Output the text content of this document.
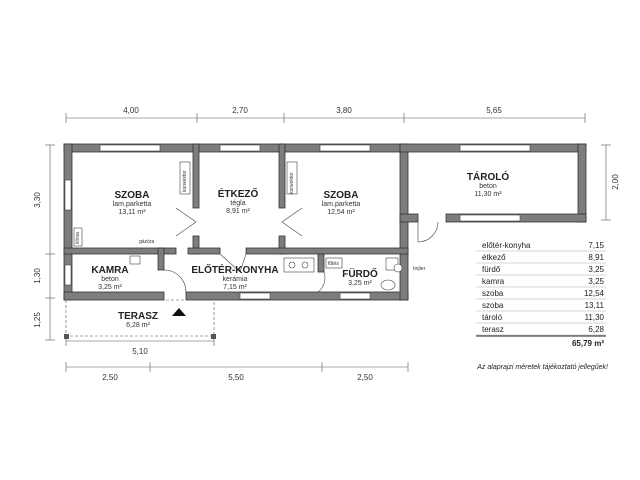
4,00	2,70	3,80	5,65
2,50	5,50	2,50
5,10
3,30
1,30
1,25
2,00
konvektor	konvektor
klíma	gázóra
fűtés
bojler
SZOBA
lam.parketta
13,11 m²
ÉTKEZŐ
tégla
8,91 m²
SZOBA
lam.parketta
12,54 m²
TÁROLÓ
beton
11,30 m²
KAMRA
beton
3,25 m²
ELŐTÉR-KONYHA
kerámia
7,15 m²
FÜRDŐ
3,25 m²
TERASZ
6,28 m²
előtér-konyha	7,15
étkező	8,91
fürdő	3,25
kamra	3,25
szoba	12,54
szoba	13,11
tároló	11,30
terasz	6,28
65,79 m²
Az alaprajzi méretek tájékoztató jellegűek!
